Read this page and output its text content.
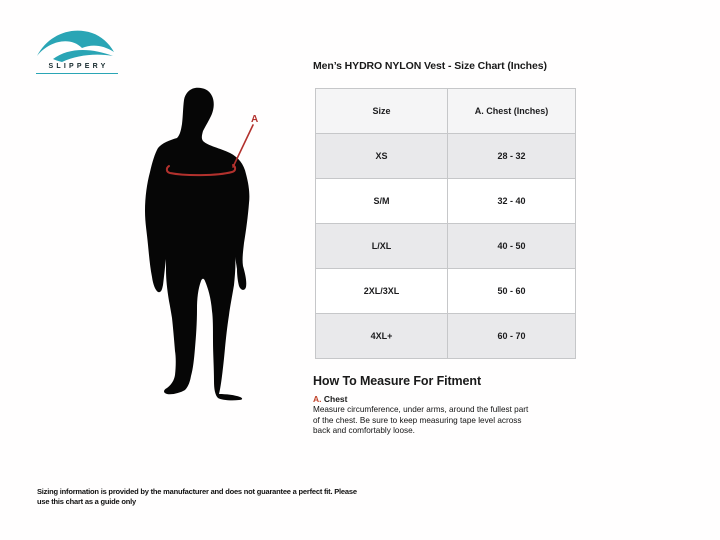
SLIPPERY
A
Men’s HYDRO NYLON Vest - Size Chart (Inches)
Size	A. Chest (Inches)
XS	28 - 32
S/M	32 - 40
L/XL	40 - 50
2XL/3XL	50 - 60
4XL+	60 - 70
How To Measure For Fitment
A. Chest
Measure circumference, under arms, around the fullest part of the chest. Be sure to keep measuring tape level across back and comfortably loose.
Sizing information is provided by the manufacturer and does not guarantee a perfect fit. Please use this chart as a guide only
